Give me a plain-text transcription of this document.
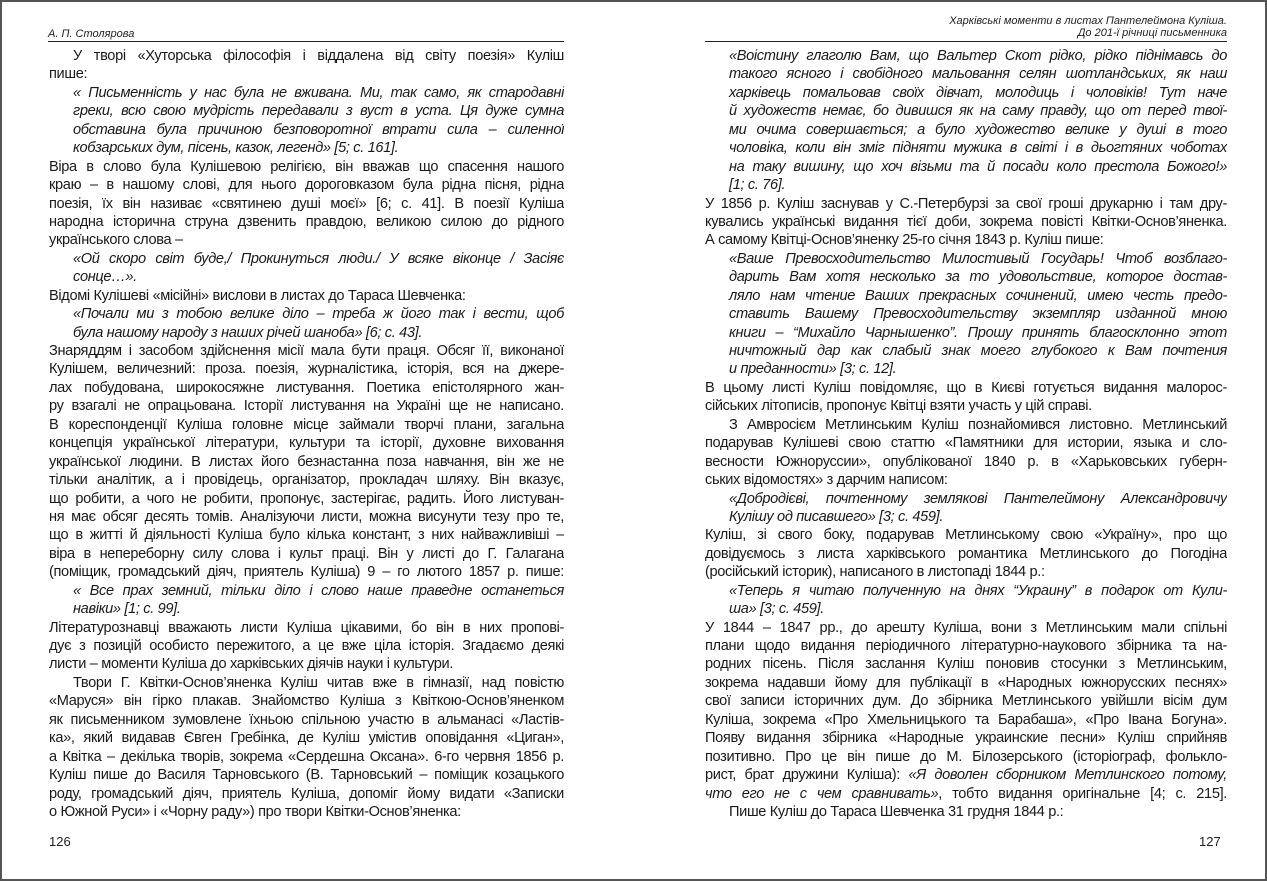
А. П. Столярова
У творі «Хуторська філософія і віддалена від світу поезія» Куліш
пише:
« Письменність у нас була не вживана. Ми, так само, як стародавні
греки, всю свою мудрість передавали з вуст в уста. Ця дуже сумна
обставина була причиною безповоротної втрати сила – силенної
кобзарських дум, пісень, казок, легенд» [5; с. 161].
Віра в слово була Кулішевою релігією, він вважав що спасення нашого
краю – в нашому слові, для нього дороговказом була рідна пісня, рідна
поезія, їх він називає «святинею душі моєї» [6; с. 41]. В поезії Куліша
народна історична струна дзвенить правдою, великою силою до рідного
українського слова –
«Ой скоро світ буде,/ Прокинуться люди./ У всяке віконце / Засіяє
сонце…».
Відомі Кулішеві «місійні» вислови в листах до Тараса Шевченка:
«Почали ми з тобою велике діло – треба ж його так і вести, щоб
була нашому народу з наших річей шаноба» [6; с. 43].
Знаряддям і засобом здійснення місії мала бути праця. Обсяг її, виконаної
Кулішем, величезний: проза. поезія, журналістика, історія, вся на джере-
лах побудована, широкосяжне листування. Поетика епістолярного жан-
ру взагалі не опрацьована. Історії листування на Україні ще не написано.
В кореспонденції Куліша головне місце займали творчі плани, загальна
концепція української літератури, культури та історії, духовне виховання
української людини. В листах його безнастанна поза навчання, він же не
тільки аналітик, а і провідець, організатор, прокладач шляху. Він вказує,
що робити, а чого не робити, пропонує, застерігає, радить. Його листуван-
ня має обсяг десять томів. Аналізуючи листи, можна висунути тезу про те,
що в житті й діяльності Куліша було кілька констант, з них найважливіші –
віра в непереборну силу слова і культ праці. Він у листі до Г. Галагана
(поміщик, громадський діяч, приятель Куліша) 9 – го лютого 1857 р. пише:
« Все прах земний, тільки діло і слово наше праведне останеться
навіки» [1; с. 99].
Літературознавці вважають листи Куліша цікавими, бо він в них пропові-
дує з позицій особисто пережитого, а це вже ціла історія. Згадаємо деякі
листи – моменти Куліша до харківських діячів науки і культури.
Твори Г. Квітки-Основ’яненка Куліш читав вже в гімназії, над повістю
«Маруся» він гірко плакав. Знайомство Куліша з Квіткою-Основ’яненком
як письменником зумовлене їхньою спільною участю в альманасі «Ластів-
ка», який видавав Євген Гребінка, де Куліш умістив оповідання «Циган»,
а Квітка – декілька творів, зокрема «Сердешна Оксана». 6-го червня 1856 р.
Куліш пише до Василя Тарновського (В. Тарновський – поміщик козацького
роду, громадський діяч, приятель Куліша, допоміг йому видати «Записки
о Южной Руси» і «Чорну раду») про твори Квітки-Основ’яненка:
126
Харківські моменти в листах Пантелеймона Куліша.
До 201-ї річниці письменника
«Воістину глаголю Вам, що Вальтер Скот рідко, рідко піднімавсь до
такого ясного і свобідного мальовання селян шотландських, як наш
харківець помальовав своїх дівчат, молодиць і чоловіків! Тут наче
й художеств немає, бо дивишся як на саму правду, що от перед твої-
ми очима совершається; а було художество велике у душі в того
чоловіка, коли він зміг підняти мужика в світі і в дьогтяних чоботах
на таку вишину, що хоч візьми та й посади коло престола Божого!»
[1; с. 76].
У 1856 р. Куліш заснував у С.-Петербурзі за свої гроші друкарню і там дру-
кувались українські видання тієї доби, зокрема повісті Квітки-Основ’яненка.
А самому Квітці-Основ’яненку 25-го січня 1843 р. Куліш пише:
«Ваше Превосходительство Милостивый Государь! Чтоб возблаго-
дарить Вам хотя несколько за то удовольствие, которое достав-
ляло нам чтение Ваших прекрасных сочинений, имею честь предо-
ставить Вашему Превосходительству экземпляр изданной мною
книги – “Михайло Чарнышенко”. Прошу принять благосклонно этот
ничтожный дар как слабый знак моего глубокого к Вам почтения
и преданности» [3; с. 12].
В цьому листі Куліш повідомляє, що в Києві готується видання малорос-
сійських літописів, пропонує Квітці взяти участь у цій справі.
З Амвросієм Метлинським Куліш познайомився листовно. Метлинський
подарував Кулішеві свою статтю «Памятники для истории, языка и сло-
весности Южноруссии», опублікованої 1840 р. в «Харьковських губерн-
ських відомостях» з дарчим написом:
«Добродієві, почтенному землякові Пантелеймону Александровичу
Кулішу од писавшего» [3; с. 459].
Куліш, зі свого боку, подарував Метлинському свою «Україну», про що
довідуємось з листа харківського романтика Метлинського до Погодіна
(російський історик), написаного в листопаді 1844 р.:
«Теперь я читаю полученную на днях “Украину” в подарок от Кули-
ша» [3; с. 459].
У 1844 – 1847 рр., до арешту Куліша, вони з Метлинським мали спільні
плани щодо видання періодичного літературно-наукового збірника та на-
родних пісень. Після заслання Куліш поновив стосунки з Метлинським,
зокрема надавши йому для публікації в «Народных южнорусских песнях»
свої записи історичних дум. До збірника Метлинського увійшли вісім дум
Куліша, зокрема «Про Хмельницького та Барабаша», «Про Івана Богуна».
Появу видання збірника «Народные украинские песни» Куліш сприйняв
позитивно. Про це він пише до М. Білозерського (історіограф, фолькло-
рист, брат дружини Куліша): «Я доволен сборником Метлинского потому,
что его не с чем сравнивать», тобто видання оригінальне [4; с. 215].
Пише Куліш до Тараса Шевченка 31 грудня 1844 р.:
127
